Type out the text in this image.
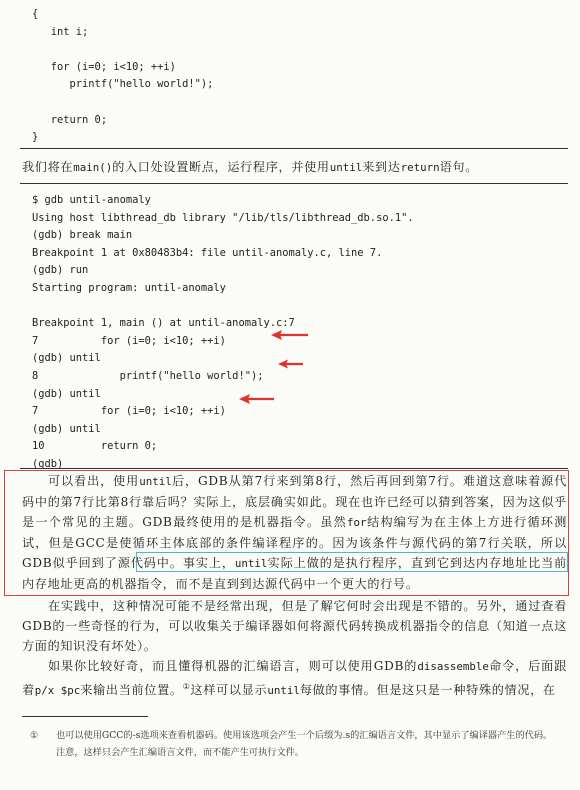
{
int i;
for (i=0; i<10; ++i)
printf("hello world!");
return 0;
}

我们将在main()的入口处设置断点，运行程序，并使用until来到达return语句。

$ gdb until-anomaly
Using host libthread_db library "/lib/tls/libthread_db.so.1".
(gdb) break main
Breakpoint 1 at 0x80483b4: file until-anomaly.c, line 7.
(gdb) run
Starting program: until-anomaly
Breakpoint 1, main () at until-anomaly.c:7
7          for (i=0; i<10; ++i)
(gdb) until
8             printf("hello world!");
(gdb) until
7          for (i=0; i<10; ++i)
(gdb) until
10         return 0;
(gdb)

可以看出，使用until后，GDB从第7行来到第8行，然后再回到第7行。难道这意味着源代码中的第7行比第8行靠后吗？实际上，底层确实如此。现在也许已经可以猜到答案，因为这似乎是一个常见的主题。GDB最终使用的是机器指令。虽然for结构编写为在主体上方进行循环测试，但是GCC是使循环主体底部的条件编译程序的。因为该条件与源代码的第7行关联，所以GDB似乎回到了源代码中。事实上，until实际上做的是执行程序，直到它到达内存地址比当前内存地址更高的机器指令，而不是直到到达源代码中一个更大的行号。

在实践中，这种情况可能不是经常出现，但是了解它何时会出现是不错的。另外，通过查看GDB的一些奇怪的行为，可以收集关于编译器如何将源代码转换成机器指令的信息（知道一点这方面的知识没有坏处）。

如果你比较好奇，而且懂得机器的汇编语言，则可以使用GDB的disassemble命令，后面跟着p/x $pc来输出当前位置。①这样可以显示until每做的事情。但是这只是一种特殊的情况，在

① 也可以使用GCC的-s选项来查看机器码。使用该选项会产生一个后缀为.s的汇编语言文件，其中显示了编译器产生的代码。注意，这样只会产生汇编语言文件，而不能产生可执行文件。
